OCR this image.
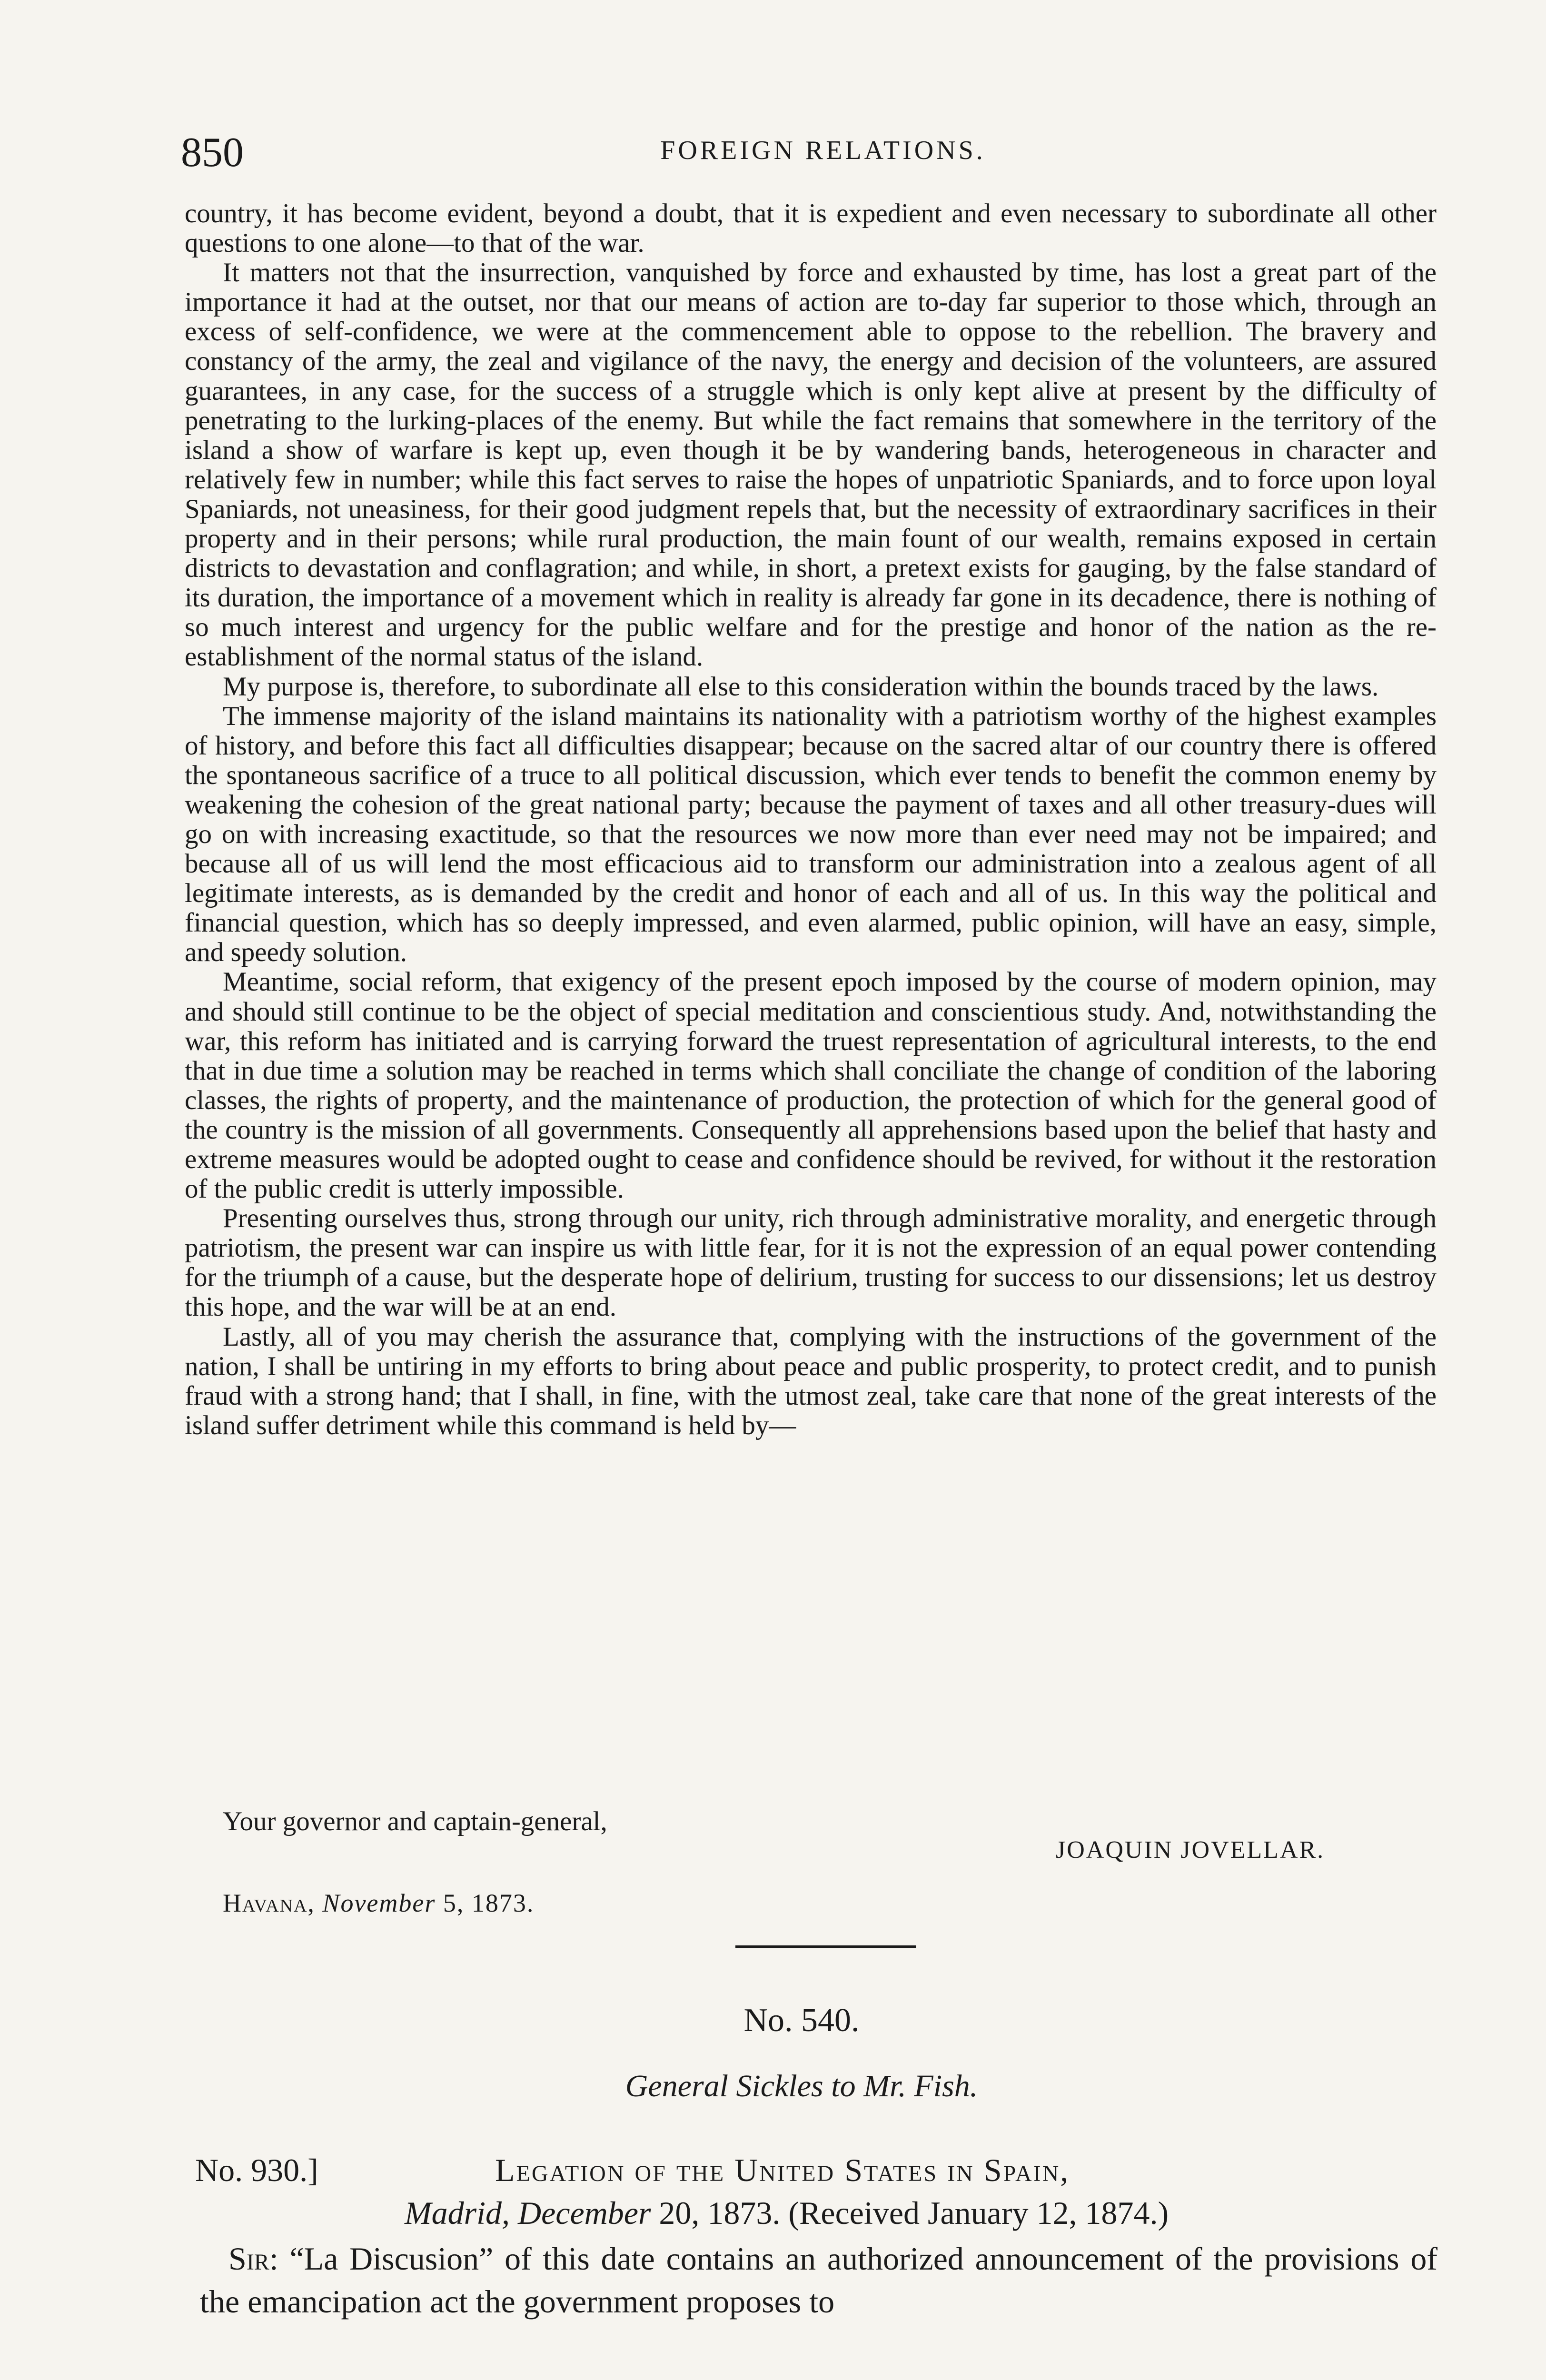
850	FOREIGN RELATIONS.

country, it has become evident, beyond a doubt, that it is expedient and even necessary to subordinate all other questions to one alone—to that of the war.

It matters not that the insurrection, vanquished by force and exhausted by time, has lost a great part of the importance it had at the outset, nor that our means of action are to-day far superior to those which, through an excess of self-confidence, we were at the commencement able to oppose to the rebellion. The bravery and constancy of the army, the zeal and vigilance of the navy, the energy and decision of the volunteers, are assured guarantees, in any case, for the success of a struggle which is only kept alive at present by the difficulty of penetrating to the lurking-places of the enemy. But while the fact remains that somewhere in the territory of the island a show of warfare is kept up, even though it be by wandering bands, heterogeneous in character and relatively few in number; while this fact serves to raise the hopes of unpatriotic Spaniards, and to force upon loyal Spaniards, not uneasiness, for their good judgment repels that, but the necessity of extraordinary sacrifices in their property and in their persons; while rural production, the main fount of our wealth, remains exposed in certain districts to devastation and conflagration; and while, in short, a pretext exists for gauging, by the false standard of its duration, the importance of a movement which in reality is already far gone in its decadence, there is nothing of so much interest and urgency for the public welfare and for the prestige and honor of the nation as the re-establishment of the normal status of the island.

My purpose is, therefore, to subordinate all else to this consideration within the bounds traced by the laws.

The immense majority of the island maintains its nationality with a patriotism worthy of the highest examples of history, and before this fact all difficulties disappear; because on the sacred altar of our country there is offered the spontaneous sacrifice of a truce to all political discussion, which ever tends to benefit the common enemy by weakening the cohesion of the great national party; because the payment of taxes and all other treasury-dues will go on with increasing exactitude, so that the resources we now more than ever need may not be impaired; and because all of us will lend the most efficacious aid to transform our administration into a zealous agent of all legitimate interests, as is demanded by the credit and honor of each and all of us. In this way the political and financial question, which has so deeply impressed, and even alarmed, public opinion, will have an easy, simple, and speedy solution.

Meantime, social reform, that exigency of the present epoch imposed by the course of modern opinion, may and should still continue to be the object of special meditation and conscientious study. And, notwithstanding the war, this reform has initiated and is carrying forward the truest representation of agricultural interests, to the end that in due time a solution may be reached in terms which shall conciliate the change of condition of the laboring classes, the rights of property, and the maintenance of production, the protection of which for the general good of the country is the mission of all governments. Consequently all apprehensions based upon the belief that hasty and extreme measures would be adopted ought to cease and confidence should be revived, for without it the restoration of the public credit is utterly impossible.

Presenting ourselves thus, strong through our unity, rich through administrative morality, and energetic through patriotism, the present war can inspire us with little fear, for it is not the expression of an equal power contending for the triumph of a cause, but the desperate hope of delirium, trusting for success to our dissensions; let us destroy this hope, and the war will be at an end.

Lastly, all of you may cherish the assurance that, complying with the instructions of the government of the nation, I shall be untiring in my efforts to bring about peace and public prosperity, to protect credit, and to punish fraud with a strong hand; that I shall, in fine, with the utmost zeal, take care that none of the great interests of the island suffer detriment while this command is held by—

Your governor and captain-general,
JOAQUIN JOVELLAR.
Havana, November 5, 1873.
No. 540.
General Sickles to Mr. Fish.
No. 930.]	Legation of the United States in Spain,
Madrid, December 20, 1873. (Received January 12, 1874.)

Sir: “La Discusion” of this date contains an authorized announcement of the provisions of the emancipation act the government proposes to
